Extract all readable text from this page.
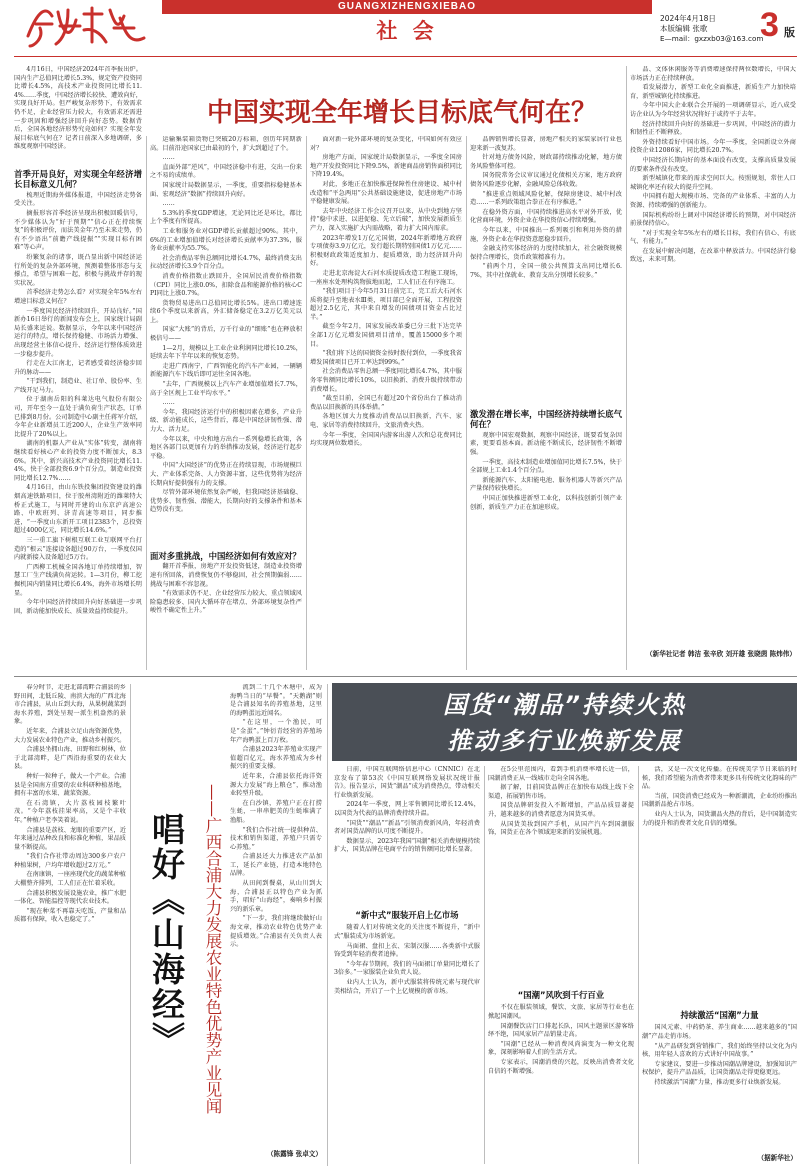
GUANGXIZHENGXIEBAO
社 会
2024年4月18日
本版编辑 张歌
E—mail：gxzxb03@163.com
3 版
中国实现全年增长目标底气何在？

4月16日，中国经济2024年首季报出炉。国内生产总值同比增长5.3%，规定资产投资同比增长4.5%，高技术产业投资同比增长11.4%……季度，中国经济增长较快、遭效向好，实现良好开局。但严峻复杂形势下，有效需求仍不足，企业经营压力较大，有效需求还需进一步巩固和增强经济回升向好态势。数据背后，全国各地经济形势究竟如何？实现全年发展目标底气何在？记者日前深入多地调研，多维度观察中国经济。

首季开局良好，对实现全年经济增长目标意义几何？

梳理近期海外媒体报道，中国经济走势备受关注。

摘报形容首季经济呈现出积极回暖信号，不少媒体认为“好于预期”“信心正在持续恢复”的积极评价，而法美金年乃至未来走势，仍有不少语出“前瞻产线提振”“实现目标有困难”等心声。

纷繁复杂的诸事，既凸显出新中国经济运行所处的复杂外部环境，预测着整体形态与支撑点，希望与困难一起，积极与挑战并存的现实状况。

首季经济走势怎么看？对实现全年5%左右增速目标意义何在？

一季度国民经济持续回升，开局良好。”国新办16日举行的新闻发布会上，国家统计局副局长盛来运说。数据显示，今年以来中国经济运行的特点，增长保持稳健、市场活力增强、出现经营主体信心提升、经济运行整体质效进一步稳步提升。

行走在大江南北，记者感受着经济稳步回升的脉动——

“干到我们，制造业、社订单、股份率、生产线开足马力。

位于湖南岳阳的科莱达电气股份有限公司，开年至今一直处于满负荷生产状态，订单已排到8月份。公司制造中心副主任蒋军介绍，今年企业新增员工近200人，企业生产效率同比提升了20%以上。

湖南的机器人产业从“实体”转变，湖南将继续看好核心产业的投资力度不断加大，8.36%。其中，新兴高技术产业投资同比增长11.4%，快于全部投资6.9个百分点，制造业投资同比增长12.7%……

4月16日，由山东铁投集团投资建设的潍烟高速铁路项目，位于胶州湾附近的潍莱特大桥正式施工，与同时开建的山东京沪高速公路、中欧班列、济青高速等项目，同步推进，“一季度山东新开工项目2383个，总投资超过4000亿元，同比增长14.6%。”

三一重工旗下树根互联工业互联网平台打造的“根云”连接设备超过90万台，一季度仅国内就新接入设备超过5万台。

广西柳工机械全国各地订单持续增加，智慧工厂生产线满负荷运转。1—3月份，柳工挖掘机国内销量同比增长6.4%，海外市场增长明显。

今年中国经济持续回升向好基础进一步巩固，新动能加快成长、质量效益持续提升。

运输集装箱货物已突破20万标箱，创历年同期新高。目前沿途国家已由最初的个，扩大到超过了个。

……

直面外部“逆风”，中国经济稳中有进，交出一份来之不易的成绩单。

国家统计局数据显示，一季度，重要指标稳健基本面、宏观经济“数据”持续回升向好。

……

5.3%的季度GDP增速，无论同比还是环比，都比上个季度有所提高。

工业和服务业对GDP增长贡献超过90%。其中，6%的工业增加值增长对经济增长贡献率为37.3%，服务业贡献率为55.7%。

社会消费品零售总额同比增长4.7%，最终消费支出拉动经济增长3.9个百分点。

消费价格指数止跌回升，全国居民消费价格指数（CPI）同比上涨0.0%，扣除食品和能源价格的核心CPI同比上涨0.7%。

货物贸易进出口总值同比增长5%。进出口增速连续6个季度以来新高，外汇储备稳定在3.2万亿美元以上。

国家“大账”的背后，万千行业的“细账”也在释放积极信号——

1—2月，规模以上工业企业利润同比增长10.2%，延续去年下半年以来的恢复态势。

走进广西南宁，广西智能化的汽车产业园，一辆辆新能源汽车下线后即可运往全国各地。

“去年，广西规模以上汽车产业增加值增长7.7%，高于全区规上工业平均水平。”

……

今年，我国经济运行中的积极因素在增多，产业升级、新动能成长，这些背后，都是中国经济韧性强、潜力大、活力足。

今年以来，中央和地方出台一系列稳增长政策，各地区各部门以更加有力的举措推动发展，经济运行起步平稳。

中国“大国经济”的优势正在持续显现，市场规模巨大、产业体系完备、人力资源丰富，这些优势将为经济长期向好提供强有力的支撑。

尽管外部环境依然复杂严峻，但我国经济基础稳、优势多、韧性强、潜能大，长期向好的支撑条件和基本趋势没有变。

面对多重挑战，中国经济如何有效应对？

翻开首季报，房地产开发投资低迷，制造业投资增速有所回落，消费恢复仍不够稳固，社会预期偏弱……挑战与困难不容忽视。

“有效需求仍不足、企业经营压力较大、重点领域风险隐患较多、国内大循环存在堵点、外部环境复杂性严峻性不确定性上升。”

面对新一轮外部环境的复杂变化，中国如何有效应对？

房地产方面，国家统计局数据显示，一季度全国房地产开发投资同比下降9.5%，新建商品房销售面积同比下降19.4%。

对此，多地正在加快推进保障性住房建设、城中村改造和“平急两用”公共基础设施建设，促进房地产市场平稳健康发展。

去年中央经济工作会议召开以来，从中央到地方坚持“稳中求进、以进促稳、先立后破”，加快发展新质生产力，深入实施扩大内需战略，着力扩大国内需求。

2023年增发1万亿元国债，2024年新增地方政府专项债券3.9万亿元，发行超长期特别国债1万亿元……积极财政政策适度加力、提质增效，助力经济回升向好。

走进北京海淀大石河水质提质改造工程施工现场，一座座水处理构筑物拔地而起，工人们正在有序施工。

“我们项目于今年5月31日前完工，完工后大石河水质将提升至地表水Ⅲ类，项目部已全面开展，工程投资超过2.5亿元，其中来自增发的国债项目资金占比过半。”

截至今年2月，国家发展改革委已分三批下达完毕全部1万亿元增发国债项目清单，覆盖15000多个项目。

“我们将下达的国债资金按时拨付到位，一季度我省增发国债项目已开工率达到99%。”

社会消费品零售总额一季度同比增长4.7%，其中服务零售额同比增长10%，以旧换新、消费升级持续带动消费增长。

“截至目前，全国已有超过20个省份出台了推动消费品以旧换新的具体举措。”

各地区加大力度推动消费品以旧换新，汽车、家电、家居等消费持续回升，文旅消费火热。

今年一季度，全国国内游客出游人次和总花费同比均实现两位数增长。

品牌销售增长显著，房地产相关的家装家居行业也迎来新一波复苏。

针对地方债务风险，财政部持续推动化解，地方债务风险整体可控。

国务院常务会议审议通过化债相关方案，地方政府债务风险逐步化解，金融风险总体收敛。

“推进重点领域风险化解，保障房建设、城中村改造……一系列政策组合拳正在有序推进。”

在稳外资方面，中国持续推进高水平对外开放，优化营商环境，外资企业在华投资信心持续增强。

今年以来，中国推出一系列吸引和利用外资的措施，外资企业在华投资意愿稳步回升。

金融支持实体经济的力度持续加大，社会融资规模保持合理增长，货币政策精准有力。

“前两个月，全国一般公共预算支出同比增长6.7%，其中社保就业、教育支出分别增长较多。”

激发潜在增长率，中国经济持续增长底气何在？

观察中国宏观数据，观察中国经济，既要看复杂因素，更要看基本面。新动能不断成长，经济韧性不断增强。

一季度，高技术制造业增加值同比增长7.5%，快于全部规上工业1.4个百分点。

新能源汽车、太阳能电池、服务机器人等新兴产品产量保持较快增长。

中国正加快推进新型工业化，以科技创新引领产业创新，新质生产力正在加速形成。

品、文体休闲服务等消费增速保持两位数增长，中国大市场活力正在持续释放。

看发展潜力，新型工业化全面推进，新质生产力加快培育，新型城镇化持续推进。

今年中国大企业联合会开展的一项调研显示，近八成受访企业认为今年经营状况将好于或持平于去年。

经济持续回升向好的基础进一步巩固，中国经济的潜力和韧性正不断释放。

外资持续看好中国市场。今年一季度，全国新设立外商投资企业12086家，同比增长20.7%。

中国经济长期向好的基本面没有改变，支撑高质量发展的要素条件没有改变。

新型城镇化带来的需求空间巨大。按照规划，常住人口城镇化率还有较大的提升空间。

中国拥有超大规模市场、完备的产业体系、丰富的人力资源、持续增强的创新能力。

国际机构纷纷上调对中国经济增长的预期，对中国经济前景保持信心。

“对于实现全年5%左右的增长目标，我们有信心、有底气、有能力。”

在发展中解决问题，在改革中释放活力。中国经济行稳致远，未来可期。

（新华社记者 韩洁 张辛欣 刘开雄 张晓茵 陈炜伟）

春分时节，走进北部湾畔合浦县的乡野田间，北低丘陵、南滨大海的广西北海市合浦县，从山丘到大海，从果树蔬菜到海水养殖，到处呈现一派生机盎然的景象。

近年来，合浦县立足山海资源优势，大力发展农业特色产业，推动乡村振兴。

合浦县坐拥山海、田野和红树林，位于北部湾畔，是广西沿海重要的农业大县。

种好一粒种子，做大一个产业。合浦县是全国南方重要的农业科研种植基地，拥有丰富的水果、蔬菜资源。

在石湾镇，大片荔枝园枝繁叶茂。“今年荔枝挂果率高，又是个丰收年。”种植户老李笑着说。

合浦县是荔枝、龙眼的重要产区，近年来通过品种改良和标准化种植，果品质量不断提高。

“我们合作社带动周边300多户农户种植果树，户均年增收超过2万元。”

在南康镇，一座座现代化的蔬菜种植大棚整齐排列，工人们正在忙着采收。

合浦县积极发展设施农业，推广水肥一体化、智能温控等现代农业技术。

“现在种菜不再靠天吃饭，产量和品质都有保障，收入也稳定了。”	唱好《山海经》	——广西合浦大力发展农业特色优势产业见闻

流到二十几个木塘中，成为海鸭当日的“早餐”。“天鹅湖”则是合浦县知名的养殖基地，这里的海鸭蛋远近闻名。

“在这里，一个渔民，可是“金蛋”。”钟衍青经营的养殖场年产海鸭蛋上百万枚。

合浦县2023年养殖业实现产值超百亿元，海水养殖成为乡村振兴的重要支撑。

近年来，合浦县依托海洋资源大力发展“海上粮仓”，推动渔业转型升级。

在白沙镇，养殖户正在打捞生蚝，一串串肥美的生蚝堆满了渔船。

“我们合作社统一提供种苗、技术和销售渠道，养殖户只需专心养殖。”

合浦县还大力推进农产品加工，延长产业链，打造本地特色品牌。

从田间到餐桌，从山川到大海，合浦县正以特色产业为抓手，唱好“山海经”，奏响乡村振兴的新乐章。

“下一步，我们将继续做好山海文章，推动农业特色优势产业提质增效。”合浦县有关负责人表示。

（陈露锋 张卓文）
国货“潮品”持续火热
推动多行业焕新发展

日前，中国互联网络信息中心（CNNIC）在北京发布了第53次《中国互联网络发展状况统计报告》。报告显示，国货“潮品”成为消费热点，带动相关行业焕新发展。

2024年一季度，网上零售额同比增长12.4%，以国货为代表的品牌消费持续升温。

“国货”“潮品”“新品”引领消费新风尚，年轻消费者对国货品牌的认可度不断提升。

数据显示，2023年我国“国潮”相关消费规模持续扩大，国货品牌在电商平台的销售额同比增长显著。

“新中式”服装开启上亿市场

随着人们对传统文化的关注度不断提升，“新中式”服装成为市场新宠。

马面裙、盘扣上衣、宋制汉服……各类新中式服饰受到年轻消费者追捧。

“今年春节期间，我们的马面裙订单量同比增长了3倍多。”一家服装企业负责人说。

业内人士认为，新中式服装将传统元素与现代审美相结合，开启了一个上亿规模的新市场。

在5公里范围内，看到手机消费率增长近一倍，国潮消费正从一线城市走向全国各地。

据了解，目前国货品牌正在加快布局线上线下全渠道，拓展销售市场。

国货品牌研发投入不断增加，产品品质显著提升，越来越多的消费者愿意为国货买单。

从国货美妆到国产手机，从国产汽车到国潮服饰，国货正在各个领域迎来新的发展机遇。

“国潮”风吹到千行百业

不仅在服装领域，餐饮、文旅、家居等行业也在掀起国潮风。

国潮餐饮店门口排起长队，国风主题景区游客络绎不绝，国风家居产品销量走高。

“国潮”已经从一种消费风尚演变为一种文化现象，深刻影响着人们的生活方式。

专家表示，国潮消费的兴起，反映出消费者文化自信的不断增强。

活，又是一次文化传播。在传统美学节日来临的时候，我们希望能为消费者带来更多具有传统文化韵味的产品。

当前，国货消费已经成为一种新潮流，企业纷纷推出国潮新品抢占市场。

业内人士认为，国货潮品火热的背后，是中国制造实力的提升和消费者文化自信的增强。

持续激活“国潮”力量

国风元素、中药奶茶、养生商业……越来越多的“国潮”产品走俏市场。

“从产品研发到营销推广，我们始终坚持以文化为内核，用年轻人喜欢的方式讲好中国故事。”

专家建议，要进一步推动国潮品牌建设，加强知识产权保护，提升产品品质，让国货潮品走得更稳更远。

持续激活“国潮”力量，推动更多行业焕新发展。

（据新华社）
